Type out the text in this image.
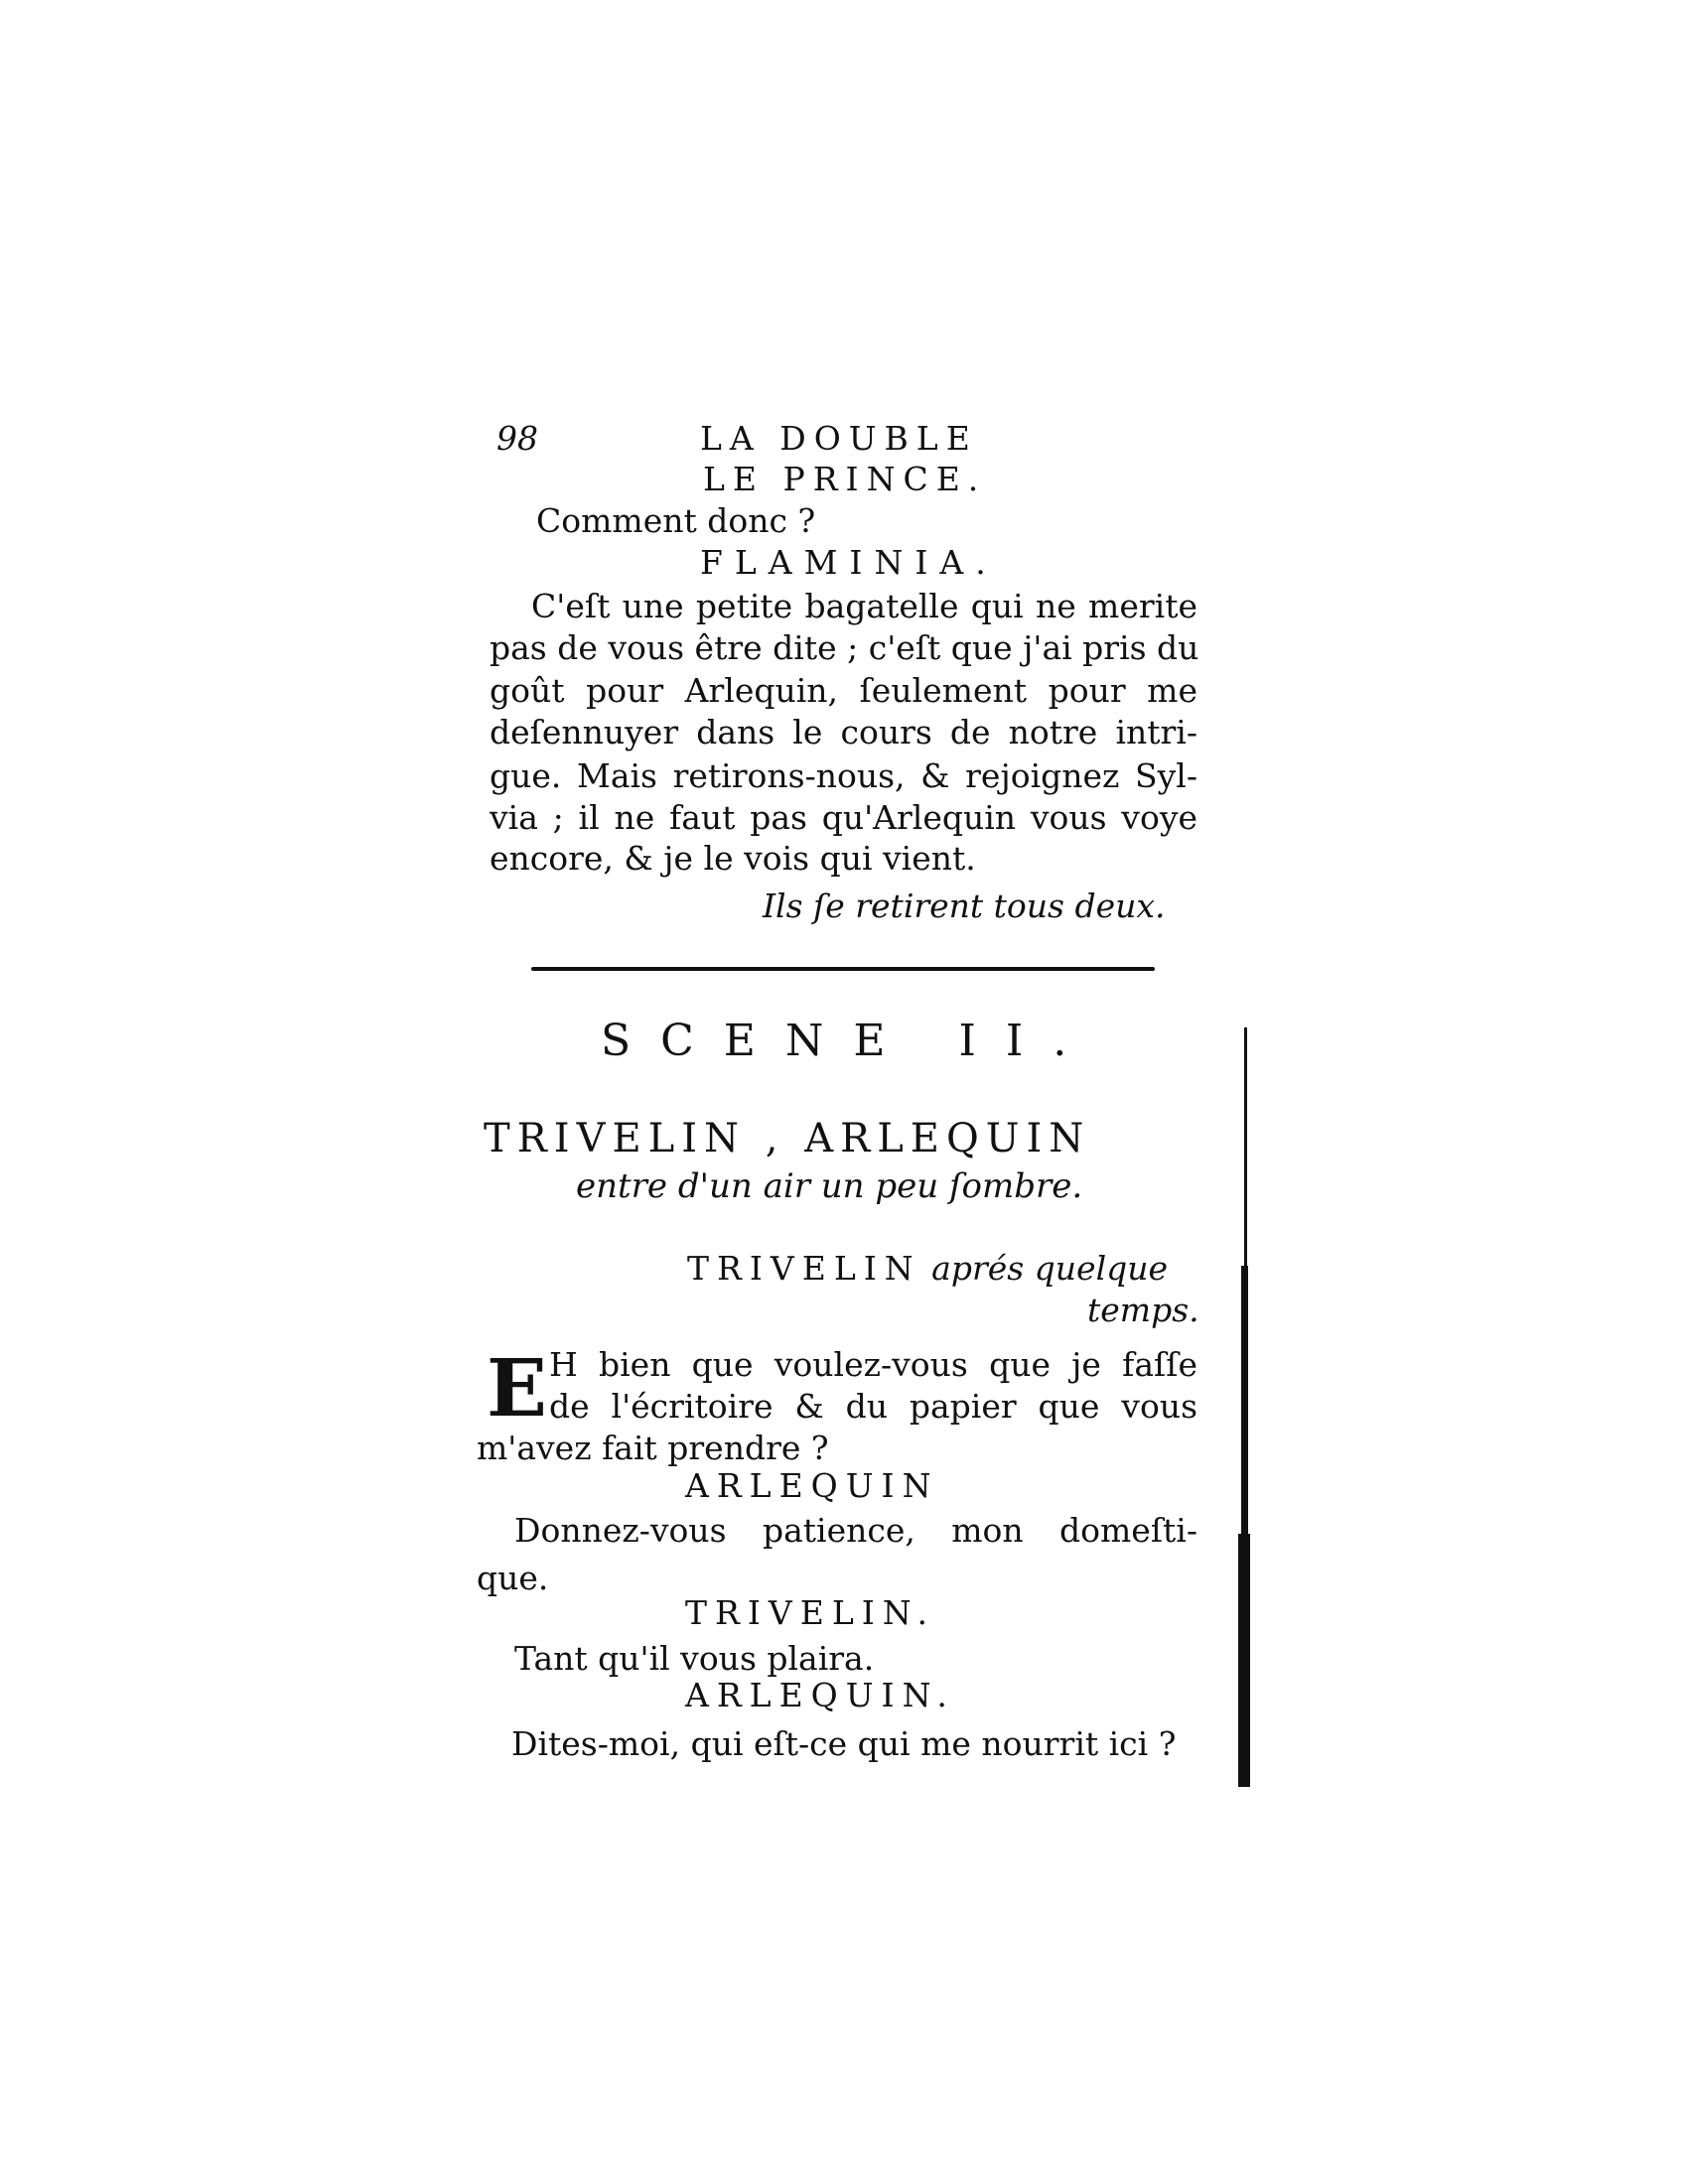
98	LA DOUBLE
LE PRINCE.
Comment donc ?
FLAMINIA.
C'eſt une petite bagatelle qui ne merite
pas de vous être dite ; c'eſt que j'ai pris du
goût pour Arlequin, ſeulement pour me
deſennuyer dans le cours de notre intri-
gue. Mais retirons-nous, & rejoignez Syl-
via ; il ne faut pas qu'Arlequin vous voye
encore, & je le vois qui vient.
Ils ſe retirent tous deux.
SCENE II.
TRIVELIN , ARLEQUIN
entre d'un air un peu ſombre.
TRIVELIN aprés quelque
temps.
E H bien que voulez-vous que je faſſe
de l'écritoire & du papier que vous
m'avez fait prendre ?
ARLEQUIN
Donnez-vous patience, mon domeſti-
que.
TRIVELIN.
Tant qu'il vous plaira.
ARLEQUIN.
Dites-moi, qui eſt-ce qui me nourrit ici ?
